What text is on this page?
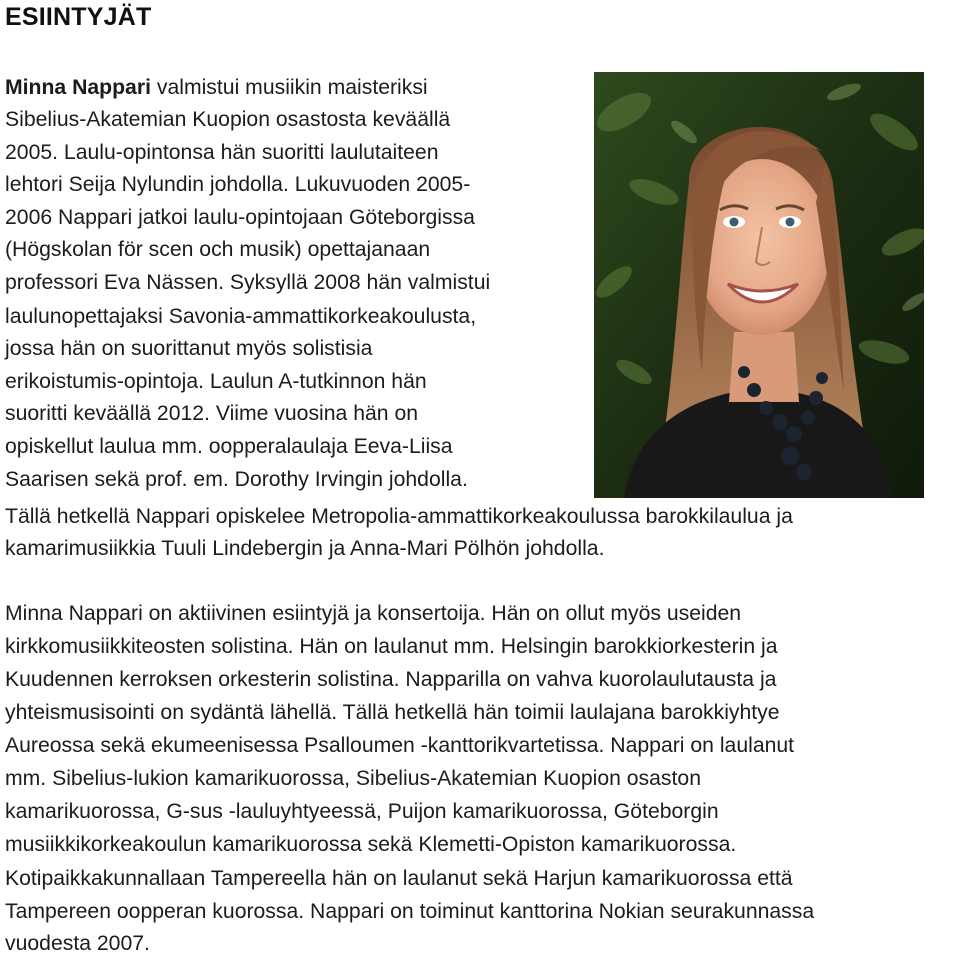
ESIINTYJÄT
Minna Nappari valmistui musiikin maisteriksi
Sibelius-Akatemian Kuopion osastosta keväällä
2005. Laulu-opintonsa hän suoritti laulutaiteen
lehtori Seija Nylundin johdolla. Lukuvuoden 2005-
2006 Nappari jatkoi laulu-opintojaan Göteborgissa
(Högskolan för scen och musik) opettajanaan
professori Eva Nässen. Syksyllä 2008 hän valmistui
laulunopettajaksi Savonia-ammattikorkeakoulusta,
jossa hän on suorittanut myös solistisia
erikoistumis-opintoja. Laulun A-tutkinnon hän
suoritti keväällä 2012. Viime vuosina hän on
opiskellut laulua mm. oopperalaulaja Eeva-Liisa
Saarisen sekä prof. em. Dorothy Irvingin johdolla.
Tällä hetkellä Nappari opiskelee Metropolia-ammattikorkeakoulussa barokkilaulua ja
kamarimusiikkia Tuuli Lindebergin ja Anna-Mari Pölhön johdolla.
Minna Nappari on aktiivinen esiintyjä ja konsertoija. Hän on ollut myös useiden
kirkkomusiikkiteosten solistina. Hän on laulanut mm. Helsingin barokkiorkesterin ja
Kuudennen kerroksen orkesterin solistina. Napparilla on vahva kuorolaulutausta ja
yhteismusisointi on sydäntä lähellä. Tällä hetkellä hän toimii laulajana barokkiyhtye
Aureossa sekä ekumeenisessa Psalloumen -kanttorikvartetissa. Nappari on laulanut
mm. Sibelius-lukion kamarikuorossa, Sibelius-Akatemian Kuopion osaston
kamarikuorossa, G-sus -lauluyhtyeessä, Puijon kamarikuorossa, Göteborgin
musiikkikorkeakoulun kamarikuorossa sekä Klemetti-Opiston kamarikuorossa.
Kotipaikkakunnallaan Tampereella hän on laulanut sekä Harjun kamarikuorossa että
Tampereen oopperan kuorossa. Nappari on toiminut kanttorina Nokian seurakunnassa
vuodesta 2007.
